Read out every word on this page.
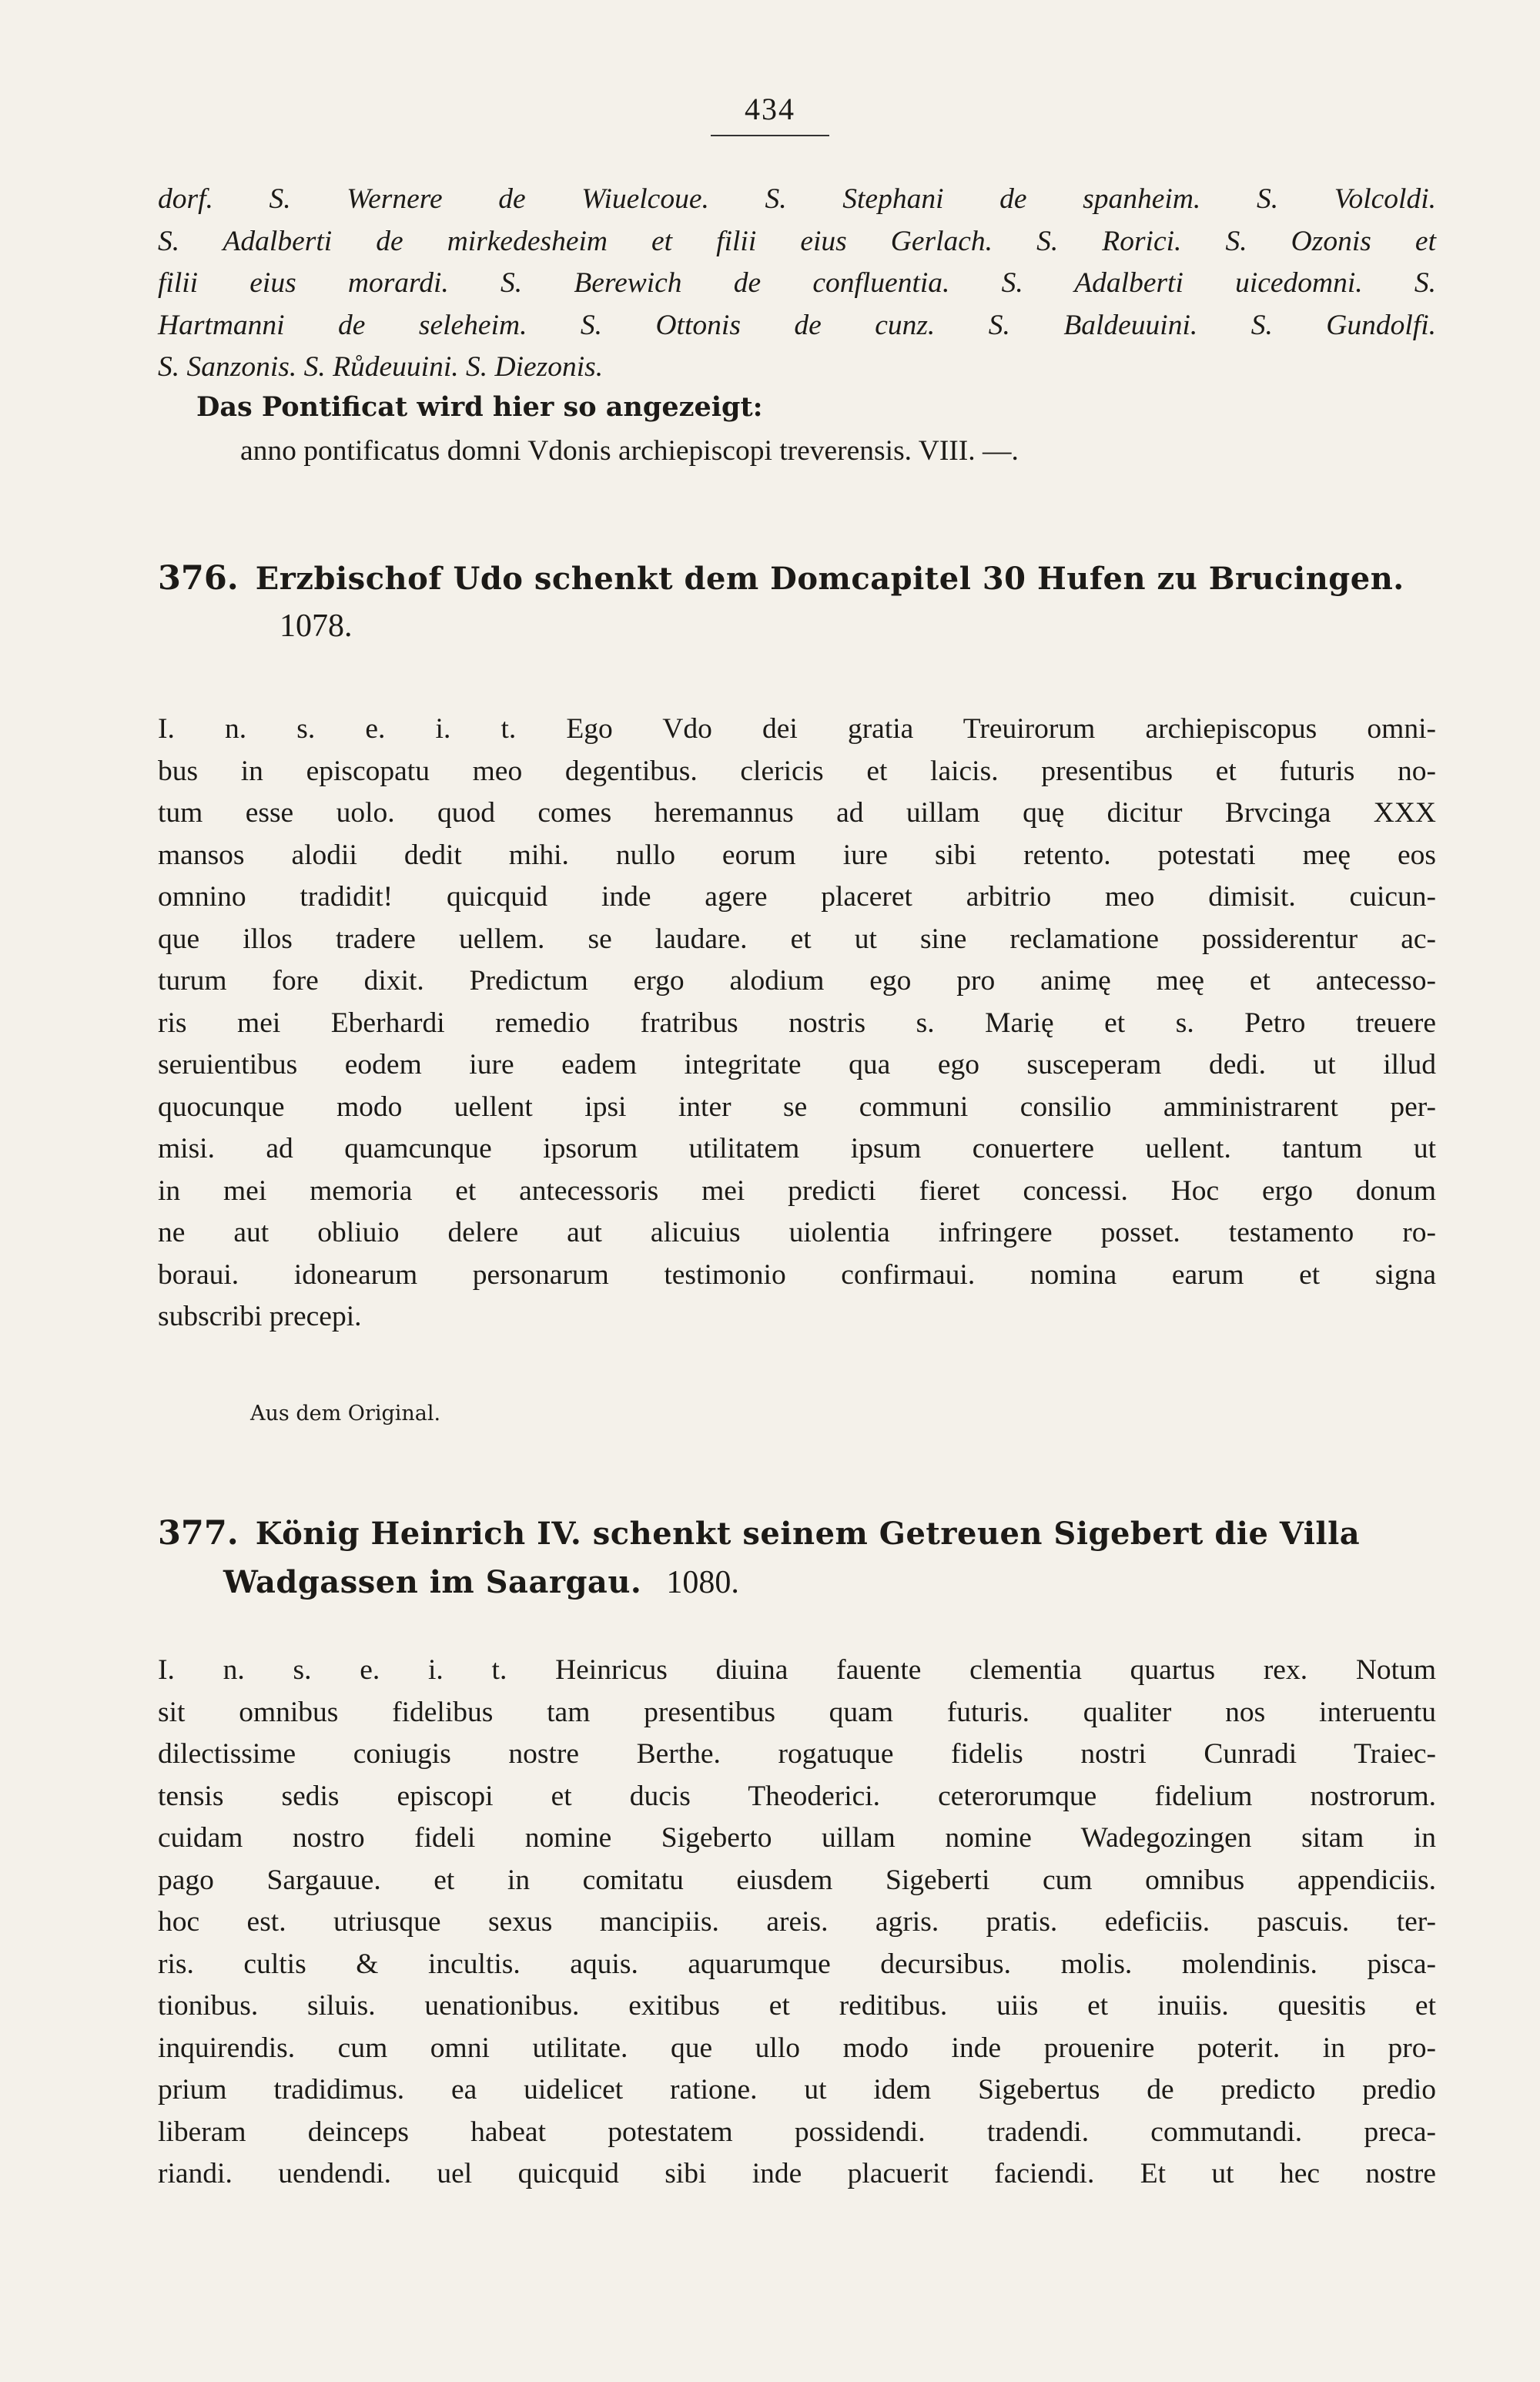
434
dorf. S. Wernere de Wiuelcoue. S. Stephani de spanheim. S. Volcoldi.
S. Adalberti de mirkedesheim et filii eius Gerlach. S. Rorici. S. Ozonis et
filii eius morardi. S. Berewich de confluentia. S. Adalberti uicedomni. S.
Hartmanni de seleheim. S. Ottonis de cunz. S. Baldeuuini. S. Gundolfi.
S. Sanzonis. S. Růdeuuini. S. Diezonis.
Das Pontificat wird hier so angezeigt:
anno pontificatus domni Vdonis archiepiscopi treverensis. VIII. —.
376. Erzbischof Udo schenkt dem Domcapitel 30 Hufen zu Brucingen.
1078.
I. n. s. e. i. t. Ego Vdo dei gratia Treuirorum archiepiscopus omni-
bus in episcopatu meo degentibus. clericis et laicis. presentibus et futuris no-
tum esse uolo. quod comes heremannus ad uillam quę dicitur Brvcinga XXX
mansos alodii dedit mihi. nullo eorum iure sibi retento. potestati meę eos
omnino tradidit! quicquid inde agere placeret arbitrio meo dimisit. cuicun-
que illos tradere uellem. se laudare. et ut sine reclamatione possiderentur ac-
turum fore dixit. Predictum ergo alodium ego pro animę meę et antecesso-
ris mei Eberhardi remedio fratribus nostris s. Marię et s. Petro treuere
seruientibus eodem iure eadem integritate qua ego susceperam dedi. ut illud
quocunque modo uellent ipsi inter se communi consilio amministrarent per-
misi. ad quamcunque ipsorum utilitatem ipsum conuertere uellent. tantum ut
in mei memoria et antecessoris mei predicti fieret concessi. Hoc ergo donum
ne aut obliuio delere aut alicuius uiolentia infringere posset. testamento ro-
boraui. idonearum personarum testimonio confirmaui. nomina earum et signa
subscribi precepi.
Aus dem Original.
377. König Heinrich IV. schenkt seinem Getreuen Sigebert die Villa
Wadgassen im Saargau. 1080.
I. n. s. e. i. t. Heinricus diuina fauente clementia quartus rex. Notum
sit omnibus fidelibus tam presentibus quam futuris. qualiter nos interuentu
dilectissime coniugis nostre Berthe. rogatuque fidelis nostri Cunradi Traiec-
tensis sedis episcopi et ducis Theoderici. ceterorumque fidelium nostrorum.
cuidam nostro fideli nomine Sigeberto uillam nomine Wadegozingen sitam in
pago Sargauue. et in comitatu eiusdem Sigeberti cum omnibus appendiciis.
hoc est. utriusque sexus mancipiis. areis. agris. pratis. edeficiis. pascuis. ter-
ris. cultis & incultis. aquis. aquarumque decursibus. molis. molendinis. pisca-
tionibus. siluis. uenationibus. exitibus et reditibus. uiis et inuiis. quesitis et
inquirendis. cum omni utilitate. que ullo modo inde prouenire poterit. in pro-
prium tradidimus. ea uidelicet ratione. ut idem Sigebertus de predicto predio
liberam deinceps habeat potestatem possidendi. tradendi. commutandi. preca-
riandi. uendendi. uel quicquid sibi inde placuerit faciendi. Et ut hec nostre
